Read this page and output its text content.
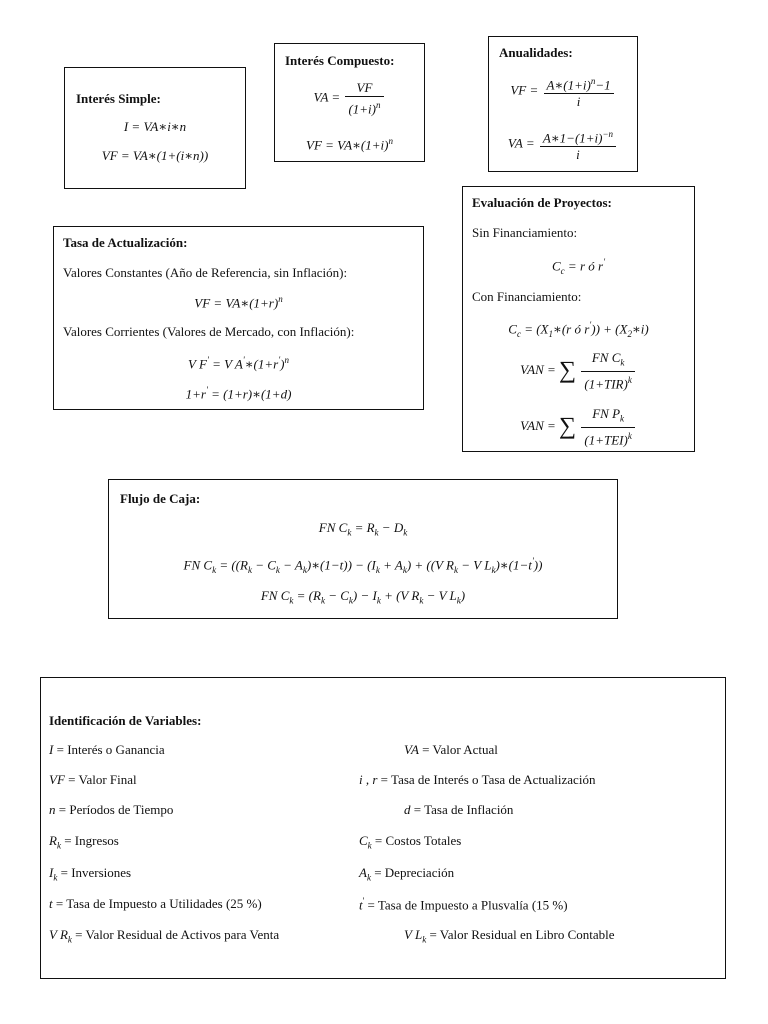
Interés Simple:
I = VA∗i∗n
VF = VA∗(1+(i∗n))
Interés Compuesto:
VA = $\frac{VF}{(1+i)^n}$
VF = $VA∗(1+i)^n$
Anualidades:
VF = $\frac{A∗(1+i)^n-1}{i}$
VA = $\frac{A∗1-(1+i)^{-n}}{i}$
Tasa de Actualización:
Valores Constantes (Año de Referencia, sin Inflación):
VF = $VA∗(1+r)^n$
Valores Corrientes (Valores de Mercado, con Inflación):
V F' = V $A'∗(1+r')^n$
1+r' = (1+r)∗(1+d)
Evaluación de Proyectos:
Sin Financiamiento:
$C_c = r$ ó r'
Con Financiamiento:
$C_c$ = ($X_1∗(r$ ó $r')) + (X_2∗i)$
VAN = ∑ $\frac{FN C_k}{(1+TIR)^k}$
VAN = ∑ $\frac{FN P_k}{(1+TEI)^k}$
Flujo de Caja:
FN $C_k = R_k - D_k$
FN $C_k = ((R_k - C_k$ − $A_k)∗(1-t)) - (I_k + A_k) + ((V$ $R_k - V$ $L_k)∗(1-t')$)
FN $C_k = (R_k - C_k) - I_k + (V$ $R_k - V$ $L_k$)
Identificación de Variables:
I = Interés o Ganancia	VA = Valor Actual
VF = Valor Final	i , r = Tasa de Interés o Tasa de Actualización
n = Períodos de Tiempo	d = Tasa de Inflación
$R_k$ = Ingresos	$C_k$ = Costos Totales
$I_k$ = Inversiones	$A_k$ = Depreciación
t = Tasa de Impuesto a Utilidades (25 %)	t' = Tasa de Impuesto a Plusvalía (15 %)
V $R_k$ = Valor Residual de Activos para Venta	V $L_k$ = Valor Residual en Libro Contable
